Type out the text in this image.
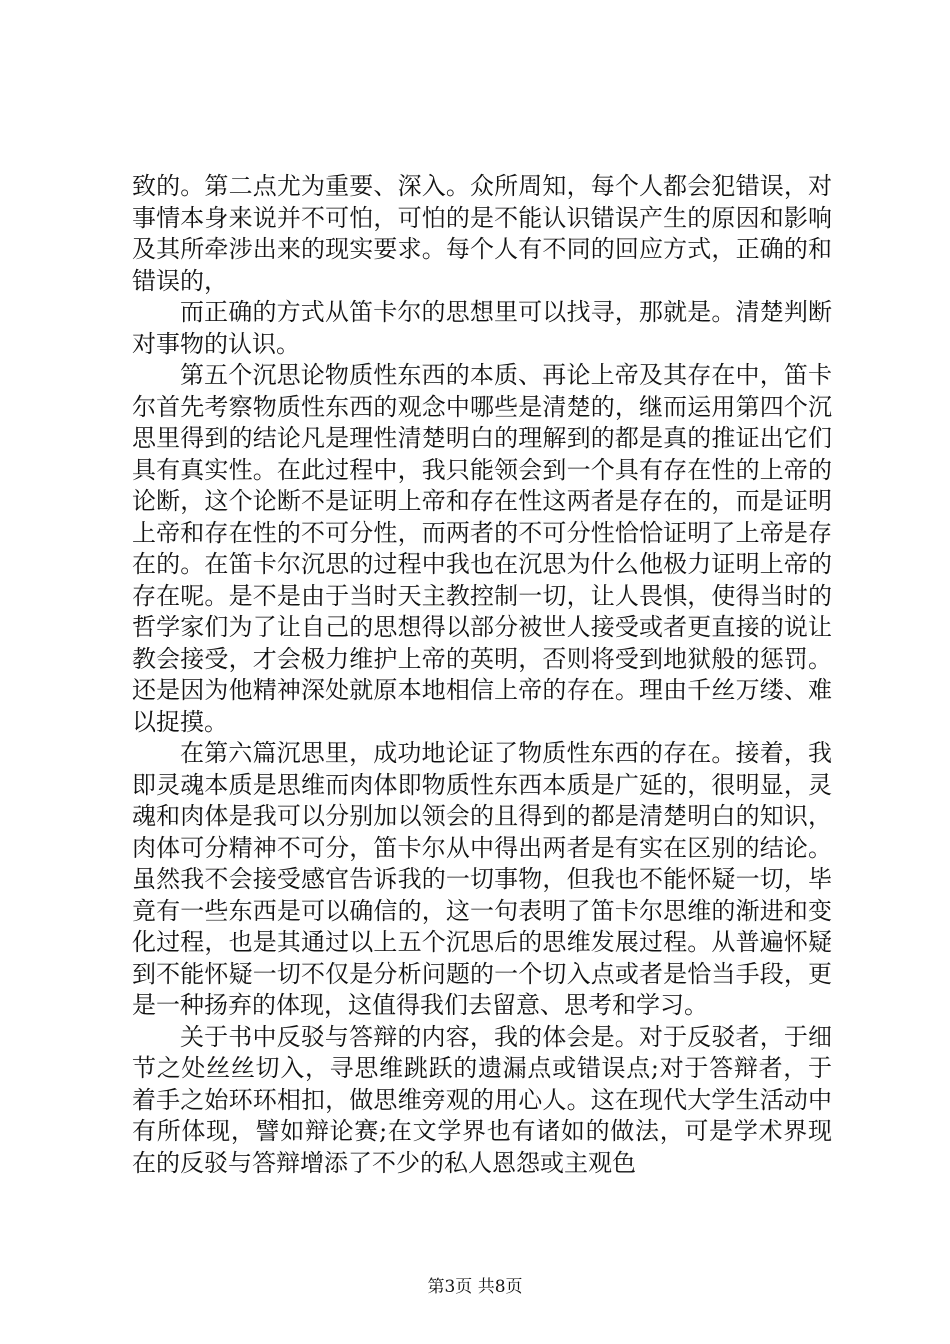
致的。第二点尤为重要、深入。众所周知，每个人都会犯错误，对事情本身来说并不可怕，可怕的是不能认识错误产生的原因和影响及其所牵涉出来的现实要求。每个人有不同的回应方式，正确的和错误的，

而正确的方式从笛卡尔的思想里可以找寻，那就是。清楚判断对事物的认识。

第五个沉思论物质性东西的本质、再论上帝及其存在中，笛卡尔首先考察物质性东西的观念中哪些是清楚的，继而运用第四个沉思里得到的结论凡是理性清楚明白的理解到的都是真的推证出它们具有真实性。在此过程中，我只能领会到一个具有存在性的上帝的论断，这个论断不是证明上帝和存在性这两者是存在的，而是证明上帝和存在性的不可分性，而两者的不可分性恰恰证明了上帝是存在的。在笛卡尔沉思的过程中我也在沉思为什么他极力证明上帝的存在呢。是不是由于当时天主教控制一切，让人畏惧，使得当时的哲学家们为了让自己的思想得以部分被世人接受或者更直接的说让教会接受，才会极力维护上帝的英明，否则将受到地狱般的惩罚。还是因为他精神深处就原本地相信上帝的存在。理由千丝万缕、难以捉摸。

在第六篇沉思里，成功地论证了物质性东西的存在。接着，我即灵魂本质是思维而肉体即物质性东西本质是广延的，很明显，灵魂和肉体是我可以分别加以领会的且得到的都是清楚明白的知识，肉体可分精神不可分，笛卡尔从中得出两者是有实在区别的结论。虽然我不会接受感官告诉我的一切事物，但我也不能怀疑一切，毕竟有一些东西是可以确信的，这一句表明了笛卡尔思维的渐进和变化过程，也是其通过以上五个沉思后的思维发展过程。从普遍怀疑到不能怀疑一切不仅是分析问题的一个切入点或者是恰当手段，更是一种扬弃的体现，这值得我们去留意、思考和学习。

关于书中反驳与答辩的内容，我的体会是。对于反驳者，于细节之处丝丝切入，寻思维跳跃的遗漏点或错误点;对于答辩者，于着手之始环环相扣，做思维旁观的用心人。这在现代大学生活动中有所体现，譬如辩论赛;在文学界也有诸如的做法，可是学术界现在的反驳与答辩增添了不少的私人恩怨或主观色

第3页 共8页
